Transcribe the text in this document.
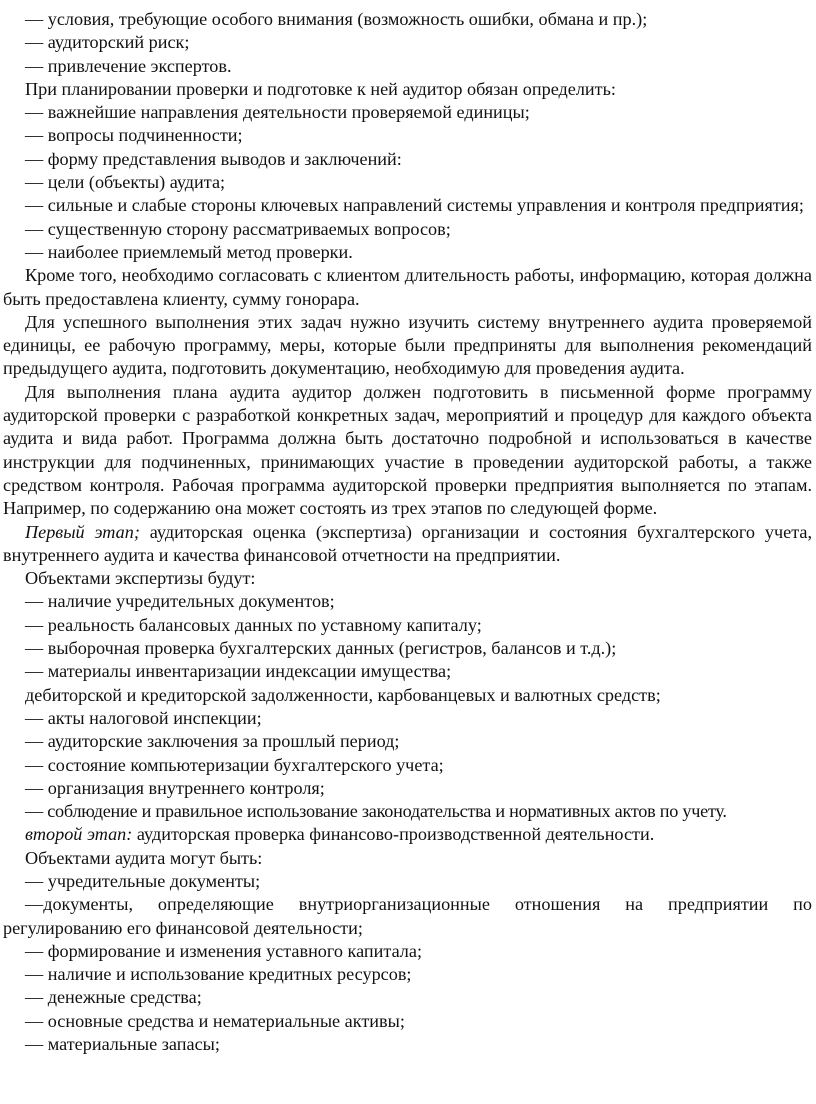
— условия, требующие особого внимания (возможность ошибки, обмана и пр.);

— аудиторский риск;

— привлечение экспертов.

При планировании проверки и подготовке к ней аудитор обязан определить:

— важнейшие направления деятельности проверяемой единицы;

— вопросы подчиненности;

— форму представления выводов и заключений:

— цели (объекты) аудита;

— сильные и слабые стороны ключевых направлений системы управления и контроля предприятия;

— существенную сторону рассматриваемых вопросов;

— наиболее приемлемый метод проверки.

Кроме того, необходимо согласовать с клиентом длительность работы, информацию, которая должна быть предоставлена клиенту, сумму гонорара.

Для успешного выполнения этих задач нужно изучить систему внутреннего аудита проверяемой единицы, ее рабочую программу, меры, которые были предприняты для выполнения рекомендаций предыдущего аудита, подготовить документацию, необходимую для проведения аудита.

Для выполнения плана аудита аудитор должен подготовить в письменной форме программу аудиторской проверки с разработкой конкретных задач, мероприятий и процедур для каждого объекта аудита и вида работ. Программа должна быть достаточно подробной и использоваться в качестве инструкции для подчиненных, принимающих участие в проведении аудиторской работы, а также средством контроля. Рабочая программа аудиторской проверки предприятия выполняется по этапам. Например, по содержанию она может состоять из трех этапов по следующей форме.

Первый этап; аудиторская оценка (экспертиза) организации и состояния бухгалтерского учета, внутреннего аудита и качества финансовой отчетности на предприятии.

Объектами экспертизы будут:

— наличие учредительных документов;

— реальность балансовых данных по уставному капиталу;

— выборочная проверка бухгалтерских данных (регистров, балансов и т.д.);

— материалы инвентаризации индексации имущества;

дебиторской и кредиторской задолженности, карбованцевых и валютных средств;

— акты налоговой инспекции;

— аудиторские заключения за прошлый период;

— состояние компьютеризации бухгалтерского учета;

— организация внутреннего контроля;

— соблюдение и правильное использование законодательства и нормативных актов по учету.

второй этап: аудиторская проверка финансово-производственной деятельности.

Объектами аудита могут быть:

— учредительные документы;

—документы, определяющие внутриорганизационные отношения на предприятии по регулированию его финансовой деятельности;

— формирование и изменения уставного капитала;

— наличие и использование кредитных ресурсов;

— денежные средства;

— основные средства и нематериальные активы;

— материальные запасы;
